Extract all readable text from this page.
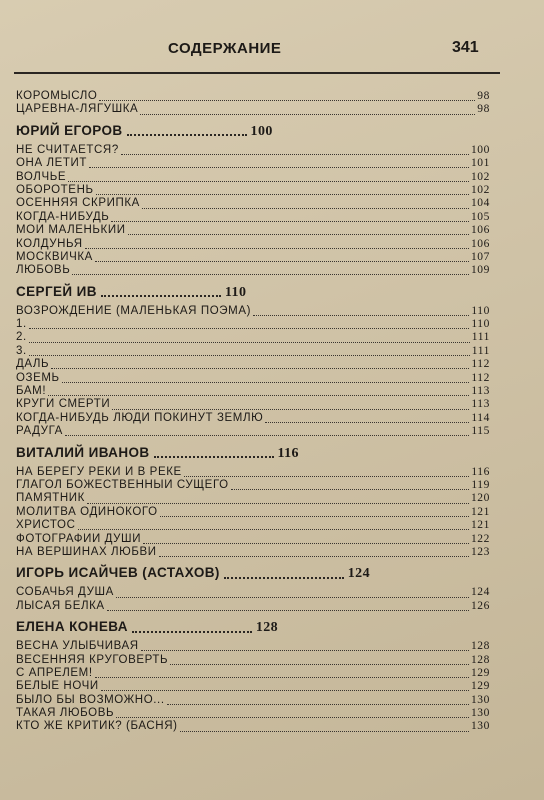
СОДЕРЖАНИЕ	341
КОРОМЫСЛО	98
ЦАРЕВНА-ЛЯГУШКА	98
ЮРИЙ ЕГОРОВ	100
НЕ СЧИТАЕТСЯ?	100
ОНА ЛЕТИТ	101
ВОЛЧЬЕ	102
ОБОРОТЕНЬ	102
ОСЕННЯЯ СКРИПКА	104
КОГДА-НИБУДЬ	105
МОЙ МАЛЕНЬКИЙ	106
КОЛДУНЬЯ	106
МОСКВИЧКА	107
ЛЮБОВЬ	109
СЕРГЕЙ ИВ	110
ВОЗРОЖДЕНИЕ (МАЛЕНЬКАЯ ПОЭМА)	110
1.	110
2.	111
3.	111
ДАЛЬ	112
ОЗЕМЬ	112
БАМ!	113
КРУГИ СМЕРТИ	113
КОГДА-НИБУДЬ ЛЮДИ ПОКИНУТ ЗЕМЛЮ	114
РАДУГА	115
ВИТАЛИЙ ИВАНОВ	116
НА БЕРЕГУ РЕКИ И В РЕКЕ	116
ГЛАГОЛ БОЖЕСТВЕННЫЙ СУЩЕГО	119
ПАМЯТНИК	120
МОЛИТВА ОДИНОКОГО	121
ХРИСТОС	121
ФОТОГРАФИИ ДУШИ	122
НА ВЕРШИНАХ ЛЮБВИ	123
ИГОРЬ ИСАЙЧЕВ (АСТАХОВ)	124
СОБАЧЬЯ ДУША	124
ЛЫСАЯ БЕЛКА	126
ЕЛЕНА КОНЕВА	128
ВЕСНА УЛЫБЧИВАЯ	128
ВЕСЕННЯЯ КРУГОВЕРТЬ	128
С АПРЕЛЕМ!	129
БЕЛЫЕ НОЧИ	129
БЫЛО БЫ ВОЗМОЖНО...	130
ТАКАЯ ЛЮБОВЬ	130
КТО ЖЕ КРИТИК? (БАСНЯ)	130
